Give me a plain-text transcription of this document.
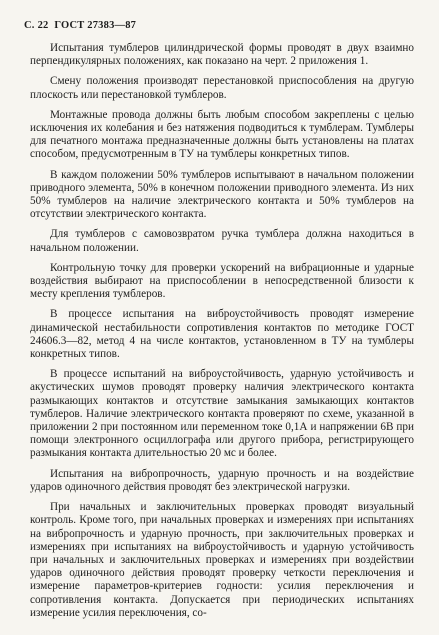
С. 22 ГОСТ 27383—87

Испытания тумблеров цилиндрической формы проводят в двух взаимно перпендикулярных положениях, как показано на черт. 2 приложения 1.

Смену положения производят перестановкой приспособления на другую плоскость или перестановкой тумблеров.

Монтажные провода должны быть любым способом закреплены с целью исключения их колебания и без натяжения подводиться к тумблерам. Тумблеры для печатного монтажа предназначенные должны быть установлены на платах способом, предусмотренным в ТУ на тумблеры конкретных типов.

В каждом положении 50% тумблеров испытывают в начальном положении приводного элемента, 50% в конечном положении приводного элемента. Из них 50% тумблеров на наличие электрического контакта и 50% тумблеров на отсутствии электрического контакта.

Для тумблеров с самовозвратом ручка тумблера должна находиться в начальном положении.

Контрольную точку для проверки ускорений на вибрационные и ударные воздействия выбирают на приспособлении в непосредственной близости к месту крепления тумблеров.

В процессе испытания на виброустойчивость проводят измерение динамической нестабильности сопротивления контактов по методике ГОСТ 24606.3—82, метод 4 на числе контактов, установленном в ТУ на тумблеры конкретных типов.

В процессе испытаний на виброустойчивость, ударную устойчивость и акустических шумов проводят проверку наличия электрического контакта размыкающих контактов и отсутствие замыкания замыкающих контактов тумблеров. Наличие электрического контакта проверяют по схеме, указанной в приложении 2 при постоянном или переменном токе 0,1А и напряжении 6В при помощи электронного осциллографа или другого прибора, регистрирующего размыкания контакта длительностью 20 мс и более.

Испытания на вибропрочность, ударную прочность и на воздействие ударов одиночного действия проводят без электрической нагрузки.

При начальных и заключительных проверках проводят визуальный контроль. Кроме того, при начальных проверках и измерениях при испытаниях на вибропрочность и ударную прочность, при заключительных проверках и измерениях при испытаниях на виброустойчивость и ударную устойчивость при начальных и заключительных проверках и измерениях при воздействии ударов одиночного действия проводят проверку четкости переключения и измерение параметров-критериев годности: усилия переключения и сопротивления контакта. Допускается при периодических испытаниях измерение усилия переключения, со-
